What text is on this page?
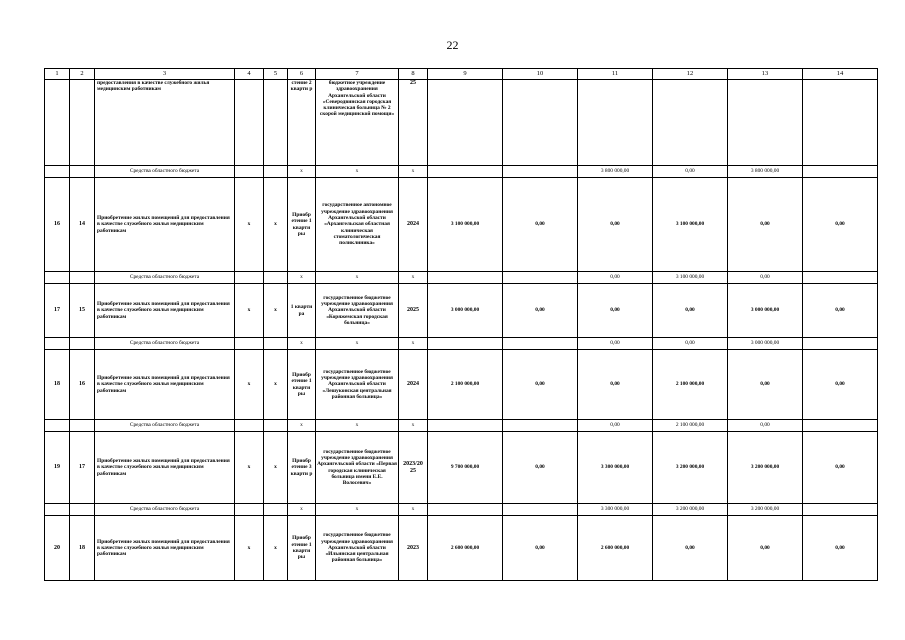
22
1	2	3	4	5	6	7	8	9	10	11	12	13	14
		предоставления в качестве служебного жилья медицинским работникам			стение 2 кварти р	бюджетное учреждение здравоохранения Архангельской области «Северодвинская городская клиническая больница № 2 скорой медицинской помощи»	25						
		Средства областного бюджета			х	х	х			3 800 000,00	0,00	3 800 000,00	
16	14	Приобретение жилых помещений для предоставления в качестве служебного жилья медицинским работникам	х	х	Приобр етение 1 кварти ры	государственное автономное учреждение здравоохранения Архангельской области «Архангельская областная клиническая стоматологическая поликлиника»	2024	3 100 000,00	0,00	0,00	3 100 000,00	0,00	0,00
		Средства областного бюджета			х	х	х			0,00	3 100 000,00	0,00	
17	15	Приобретение жилых помещений для предоставления в качестве служебного жилья медицинским работникам	х	х	1 кварти ра	государственное бюджетное учреждение здравоохранения Архангельской области «Коряжемская городская больница»	2025	3 000 000,00	0,00	0,00	0,00	3 000 000,00	0,00
		Средства областного бюджета			х	х	х			0,00	0,00	3 000 000,00	
18	16	Приобретение жилых помещений для предоставления в качестве служебного жилья медицинским работникам	х	х	Приобр етение 1 кварти ры	государственное бюджетное учреждение здравоохранения Архангельской области «Лешуконская центральная районная больница»	2024	2 100 000,00	0,00	0,00	2 100 000,00	0,00	0,00
		Средства областного бюджета			х	х	х			0,00	2 100 000,00	0,00	
19	17	Приобретение жилых помещений для предоставления в качестве служебного жилья медицинским работникам	х	х	Приобр етение 3 кварти р	государственное бюджетное учреждение здравоохранения Архангельской области «Первая городская клиническая больница имени Е.Е. Волосевич»	2023/20 25	9 700 000,00	0,00	3 300 000,00	3 200 000,00	3 200 000,00	0,00
		Средства областного бюджета			х	х	х			3 300 000,00	3 200 000,00	3 200 000,00	
20	18	Приобретение жилых помещений для предоставления в качестве служебного жилья медицинским работникам	х	х	Приобр етение 1 кварти ры	государственное бюджетное учреждение здравоохранения Архангельской области «Ильинская центральная районная больница»	2023	2 600 000,00	0,00	2 600 000,00	0,00	0,00	0,00
